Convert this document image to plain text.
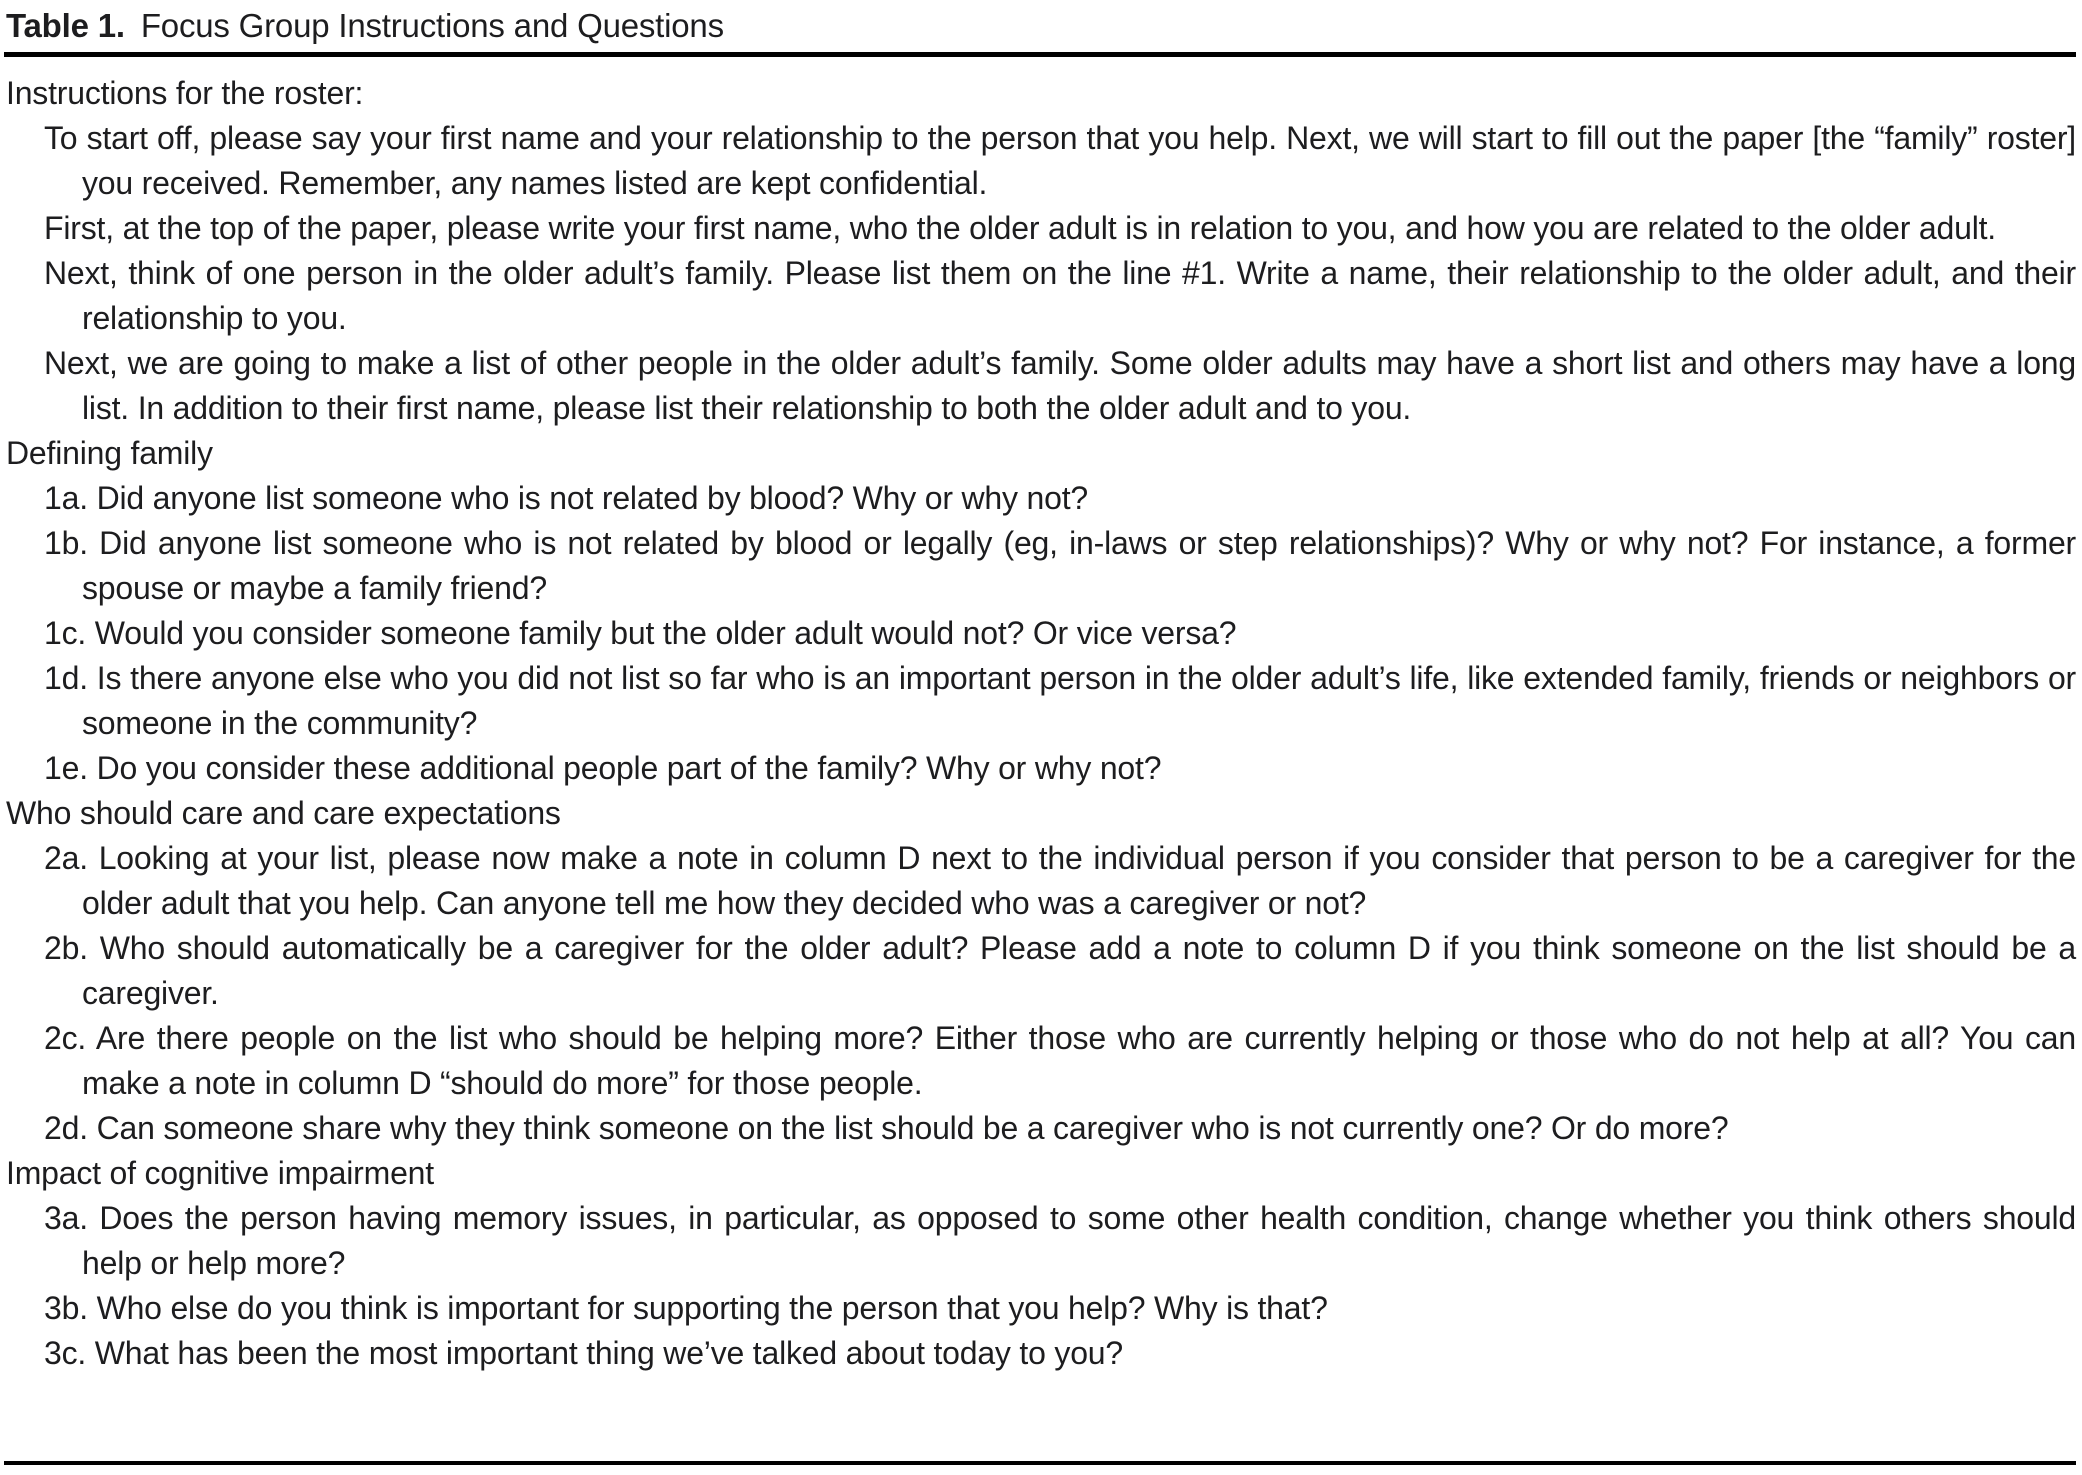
Table 1. Focus Group Instructions and Questions

Instructions for the roster:

To start off, please say your first name and your relationship to the person that you help. Next, we will start to fill out the paper [the “family” roster] you received. Remember, any names listed are kept confidential.

First, at the top of the paper, please write your first name, who the older adult is in relation to you, and how you are related to the older adult.

Next, think of one person in the older adult’s family. Please list them on the line #1. Write a name, their relationship to the older adult, and their relationship to you.

Next, we are going to make a list of other people in the older adult’s family. Some older adults may have a short list and others may have a long list. In addition to their first name, please list their relationship to both the older adult and to you.

Defining family

1a. Did anyone list someone who is not related by blood? Why or why not?

1b. Did anyone list someone who is not related by blood or legally (eg, in-laws or step relationships)? Why or why not? For instance, a former spouse or maybe a family friend?

1c. Would you consider someone family but the older adult would not? Or vice versa?

1d. Is there anyone else who you did not list so far who is an important person in the older adult’s life, like extended family, friends or neighbors or someone in the community?

1e. Do you consider these additional people part of the family? Why or why not?

Who should care and care expectations

2a. Looking at your list, please now make a note in column D next to the individual person if you consider that person to be a caregiver for the older adult that you help. Can anyone tell me how they decided who was a caregiver or not?

2b. Who should automatically be a caregiver for the older adult? Please add a note to column D if you think someone on the list should be a caregiver.

2c. Are there people on the list who should be helping more? Either those who are currently helping or those who do not help at all? You can make a note in column D “should do more” for those people.

2d. Can someone share why they think someone on the list should be a caregiver who is not currently one? Or do more?

Impact of cognitive impairment

3a. Does the person having memory issues, in particular, as opposed to some other health condition, change whether you think others should help or help more?

3b. Who else do you think is important for supporting the person that you help? Why is that?

3c. What has been the most important thing we’ve talked about today to you?
